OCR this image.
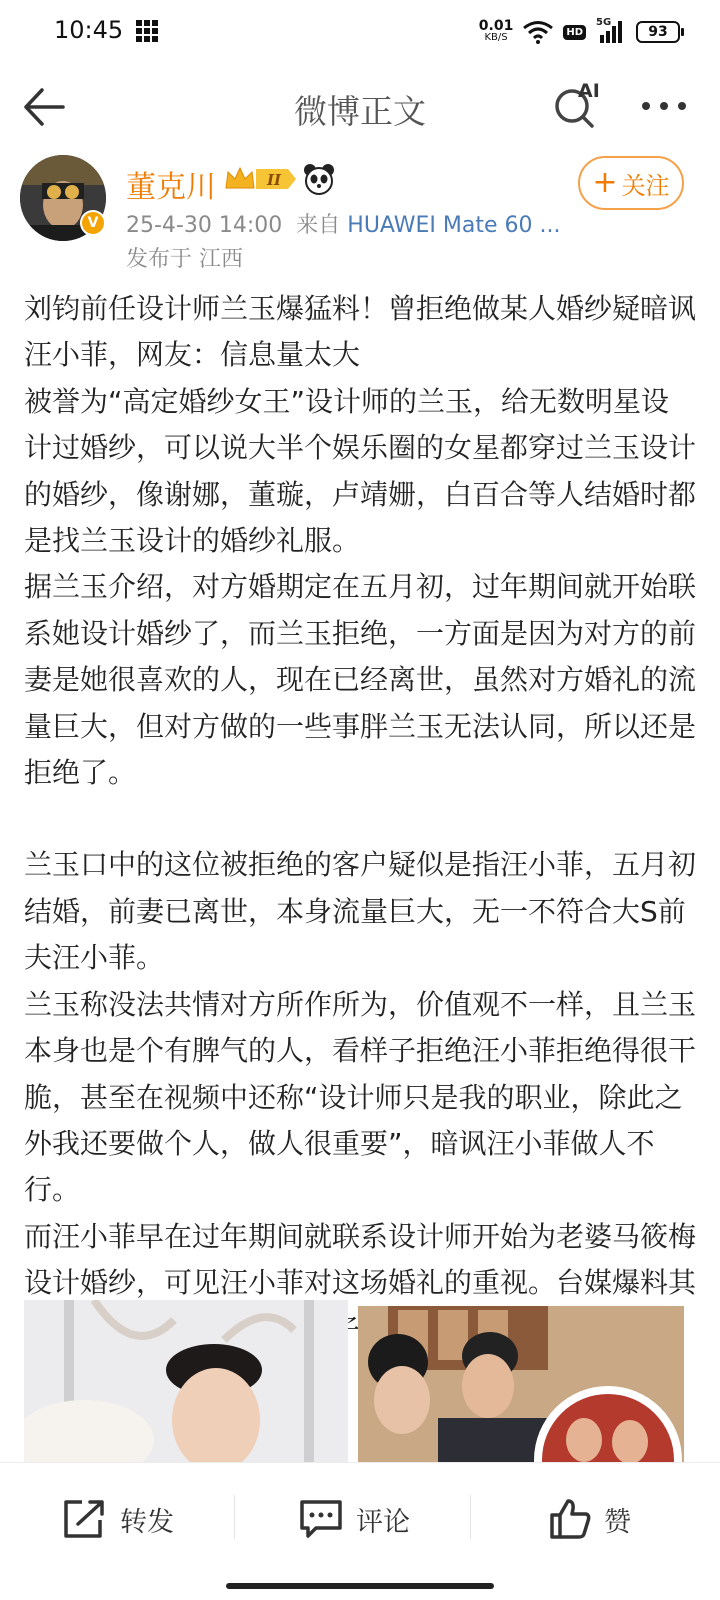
10:45	0.01
KB/S	HD
5G
93
微博正文
AI
V
董克川	II
25-4-30 14:00 来自 HUAWEI Mate 60 ...
发布于 江西
+ 关注

刘钧前任设计师兰玉爆猛料！曾拒绝做某人婚纱疑暗讽汪小菲，网友：信息量太大

被誉为“高定婚纱女王”设计师的兰玉，给无数明星设计过婚纱，可以说大半个娱乐圈的女星都穿过兰玉设计的婚纱，像谢娜，董璇，卢靖姗，白百合等人结婚时都是找兰玉设计的婚纱礼服。

据兰玉介绍，对方婚期定在五月初，过年期间就开始联系她设计婚纱了，而兰玉拒绝，一方面是因为对方的前妻是她很喜欢的人，现在已经离世，虽然对方婚礼的流量巨大，但对方做的一些事胖兰玉无法认同，所以还是拒绝了。

兰玉口中的这位被拒绝的客户疑似是指汪小菲，五月初结婚，前妻已离世，本身流量巨大，无一不符合大S前夫汪小菲。

兰玉称没法共情对方所作所为，价值观不一样，且兰玉本身也是个有脾气的人，看样子拒绝汪小菲拒绝得很干脆，甚至在视频中还称“设计师只是我的职业，除此之外我还要做个人，做人很重要”，暗讽汪小菲做人不行。

而汪小菲早在过年期间就联系设计师开始为老婆马筱梅设计婚纱，可见汪小菲对这场婚礼的重视。台媒爆料其

转发	评论	赞
